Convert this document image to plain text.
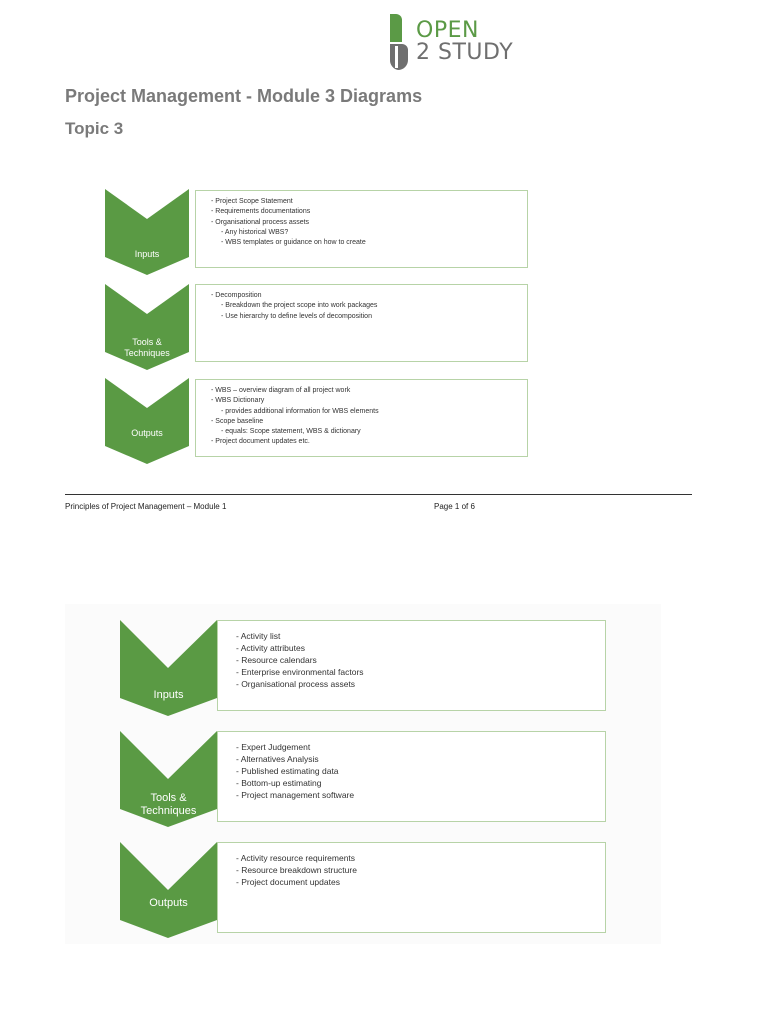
OPEN
2 STUDY
Project Management - Module 3 Diagrams
Topic 3
Inputs
- Project Scope Statement
- Requirements documentations
- Organisational process assets
- Any historical WBS?
- WBS templates or guidance on how to create
Tools &
Techniques
- Decomposition
- Breakdown the project scope into work packages
- Use hierarchy to define levels of decomposition
Outputs
- WBS – overview diagram of all project work
- WBS Dictionary
- provides additional information for WBS elements
- Scope baseline
- equals: Scope statement, WBS & dictionary
- Project document updates etc.
Principles of Project Management – Module 1	Page 1 of 6
Inputs
- Activity list
- Activity attributes
- Resource calendars
- Enterprise environmental factors
- Organisational process assets
Tools &
Techniques
- Expert Judgement
- Alternatives Analysis
- Published estimating data
- Bottom-up estimating
- Project management software
Outputs
- Activity resource requirements
- Resource breakdown structure
- Project document updates
